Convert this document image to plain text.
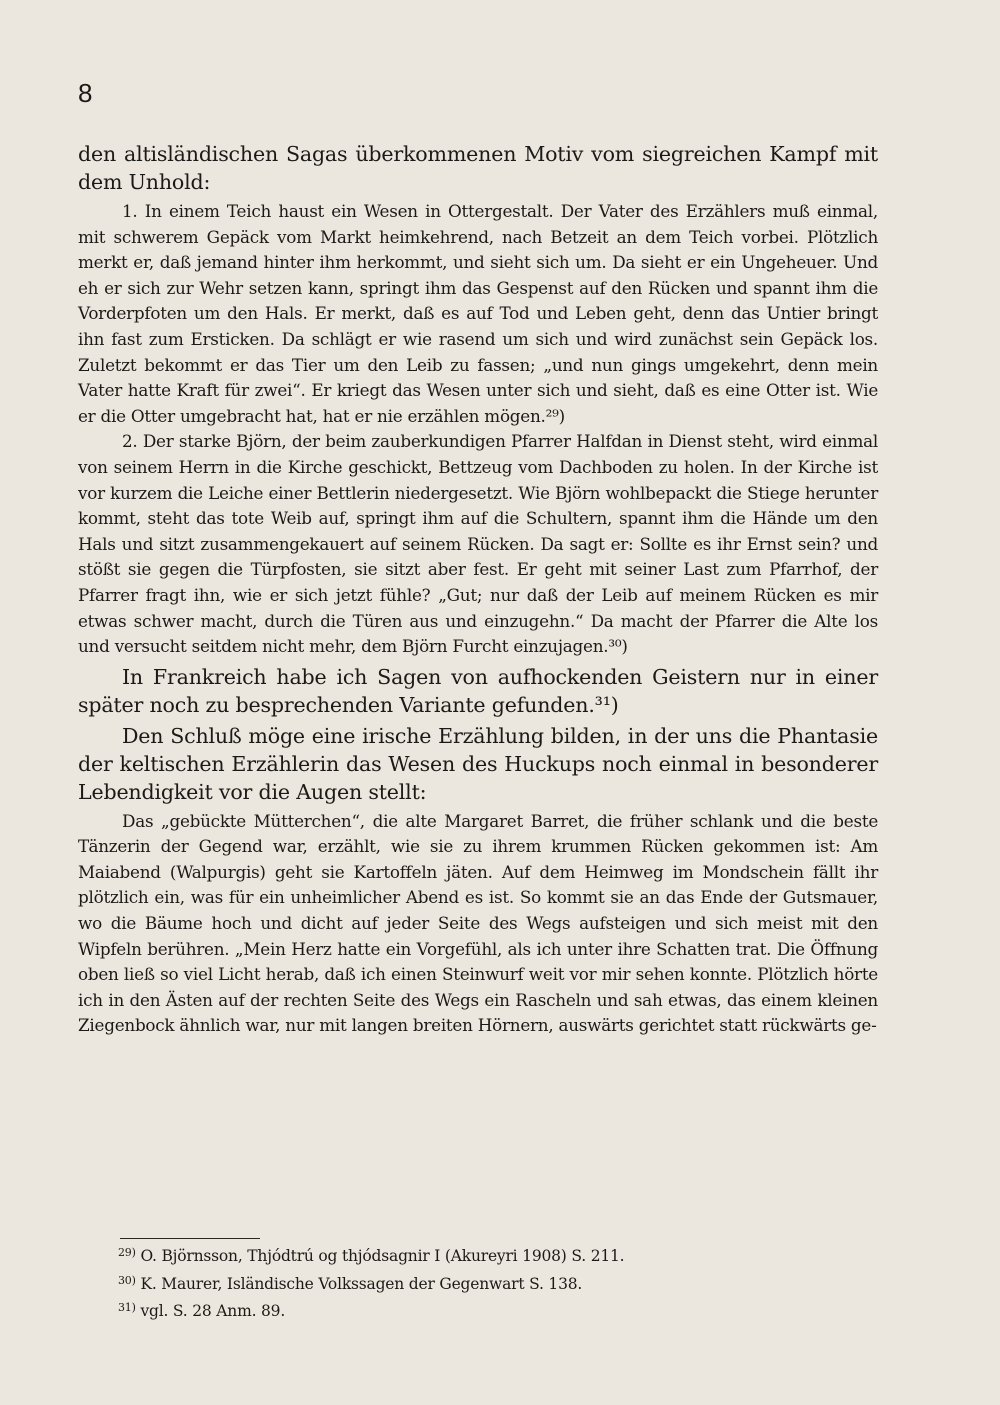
8

den altisländischen Sagas überkommenen Motiv vom siegreichen Kampf mit dem Unhold:

1. In einem Teich haust ein Wesen in Ottergestalt. Der Vater des Erzählers muß einmal, mit schwerem Gepäck vom Markt heimkehrend, nach Betzeit an dem Teich vorbei. Plötzlich merkt er, daß jemand hinter ihm herkommt, und sieht sich um. Da sieht er ein Ungeheuer. Und eh er sich zur Wehr setzen kann, springt ihm das Gespenst auf den Rücken und spannt ihm die Vorderpfoten um den Hals. Er merkt, daß es auf Tod und Leben geht, denn das Untier bringt ihn fast zum Ersticken. Da schlägt er wie rasend um sich und wird zunächst sein Gepäck los. Zuletzt bekommt er das Tier um den Leib zu fassen; „und nun gings umgekehrt, denn mein Vater hatte Kraft für zwei“. Er kriegt das Wesen unter sich und sieht, daß es eine Otter ist. Wie er die Otter umgebracht hat, hat er nie erzählen mögen.²⁹)

2. Der starke Björn, der beim zauberkundigen Pfarrer Halfdan in Dienst steht, wird einmal von seinem Herrn in die Kirche geschickt, Bettzeug vom Dachboden zu holen. In der Kirche ist vor kurzem die Leiche einer Bettlerin niedergesetzt. Wie Björn wohlbepackt die Stiege herunter kommt, steht das tote Weib auf, springt ihm auf die Schultern, spannt ihm die Hände um den Hals und sitzt zusammengekauert auf seinem Rücken. Da sagt er: Sollte es ihr Ernst sein? und stößt sie gegen die Türpfosten, sie sitzt aber fest. Er geht mit seiner Last zum Pfarrhof, der Pfarrer fragt ihn, wie er sich jetzt fühle? „Gut; nur daß der Leib auf meinem Rücken es mir etwas schwer macht, durch die Türen aus und einzugehn.“ Da macht der Pfarrer die Alte los und versucht seitdem nicht mehr, dem Björn Furcht einzujagen.³⁰)

In Frankreich habe ich Sagen von aufhockenden Geistern nur in einer später noch zu besprechenden Variante gefunden.³¹)

Den Schluß möge eine irische Erzählung bilden, in der uns die Phantasie der keltischen Erzählerin das Wesen des Huckups noch einmal in besonderer Lebendigkeit vor die Augen stellt:

Das „gebückte Mütterchen“, die alte Margaret Barret, die früher schlank und die beste Tänzerin der Gegend war, erzählt, wie sie zu ihrem krummen Rücken gekommen ist: Am Maiabend (Walpurgis) geht sie Kartoffeln jäten. Auf dem Heimweg im Mondschein fällt ihr plötzlich ein, was für ein unheimlicher Abend es ist. So kommt sie an das Ende der Gutsmauer, wo die Bäume hoch und dicht auf jeder Seite des Wegs aufsteigen und sich meist mit den Wipfeln berühren. „Mein Herz hatte ein Vorgefühl, als ich unter ihre Schatten trat. Die Öffnung oben ließ so viel Licht herab, daß ich einen Steinwurf weit vor mir sehen konnte. Plötzlich hörte ich in den Ästen auf der rechten Seite des Wegs ein Rascheln und sah etwas, das einem kleinen Ziegenbock ähnlich war, nur mit langen breiten Hörnern, auswärts gerichtet statt rückwärts ge-

$^{29)}$ O. Björnsson, Thjódtrú og thjódsagnir I (Akureyri 1908) S. 211.

$^{30)}$ K. Maurer, Isländische Volkssagen der Gegenwart S. 138.

$^{31)}$ vgl. S. 28 Anm. 89.
